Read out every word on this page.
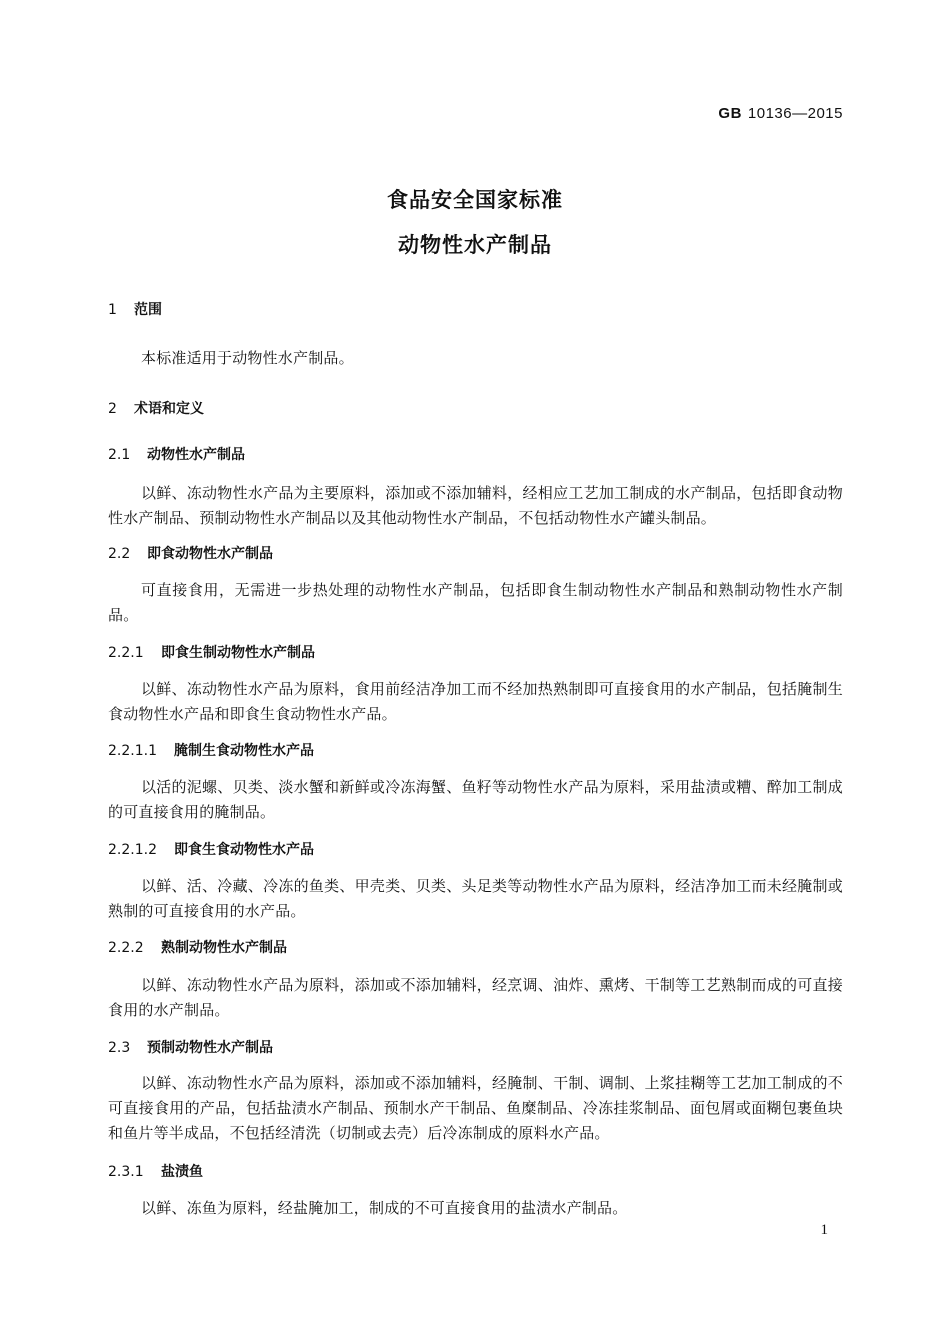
GB 10136—2015
食品安全国家标准
动物性水产制品
1 范围
本标准适用于动物性水产制品。
2 术语和定义
2.1 动物性水产制品
以鲜、冻动物性水产品为主要原料，添加或不添加辅料，经相应工艺加工制成的水产制品，包括即食动物性水产制品、预制动物性水产制品以及其他动物性水产制品，不包括动物性水产罐头制品。
2.2 即食动物性水产制品
可直接食用，无需进一步热处理的动物性水产制品，包括即食生制动物性水产制品和熟制动物性水产制品。
2.2.1 即食生制动物性水产制品
以鲜、冻动物性水产品为原料，食用前经洁净加工而不经加热熟制即可直接食用的水产制品，包括腌制生食动物性水产品和即食生食动物性水产品。
2.2.1.1 腌制生食动物性水产品
以活的泥螺、贝类、淡水蟹和新鲜或冷冻海蟹、鱼籽等动物性水产品为原料，采用盐渍或糟、醉加工制成的可直接食用的腌制品。
2.2.1.2 即食生食动物性水产品
以鲜、活、冷藏、冷冻的鱼类、甲壳类、贝类、头足类等动物性水产品为原料，经洁净加工而未经腌制或熟制的可直接食用的水产品。
2.2.2 熟制动物性水产制品
以鲜、冻动物性水产品为原料，添加或不添加辅料，经烹调、油炸、熏烤、干制等工艺熟制而成的可直接食用的水产制品。
2.3 预制动物性水产制品
以鲜、冻动物性水产品为原料，添加或不添加辅料，经腌制、干制、调制、上浆挂糊等工艺加工制成的不可直接食用的产品，包括盐渍水产制品、预制水产干制品、鱼糜制品、冷冻挂浆制品、面包屑或面糊包裹鱼块和鱼片等半成品，不包括经清洗（切制或去壳）后冷冻制成的原料水产品。
2.3.1 盐渍鱼
以鲜、冻鱼为原料，经盐腌加工，制成的不可直接食用的盐渍水产制品。
1
